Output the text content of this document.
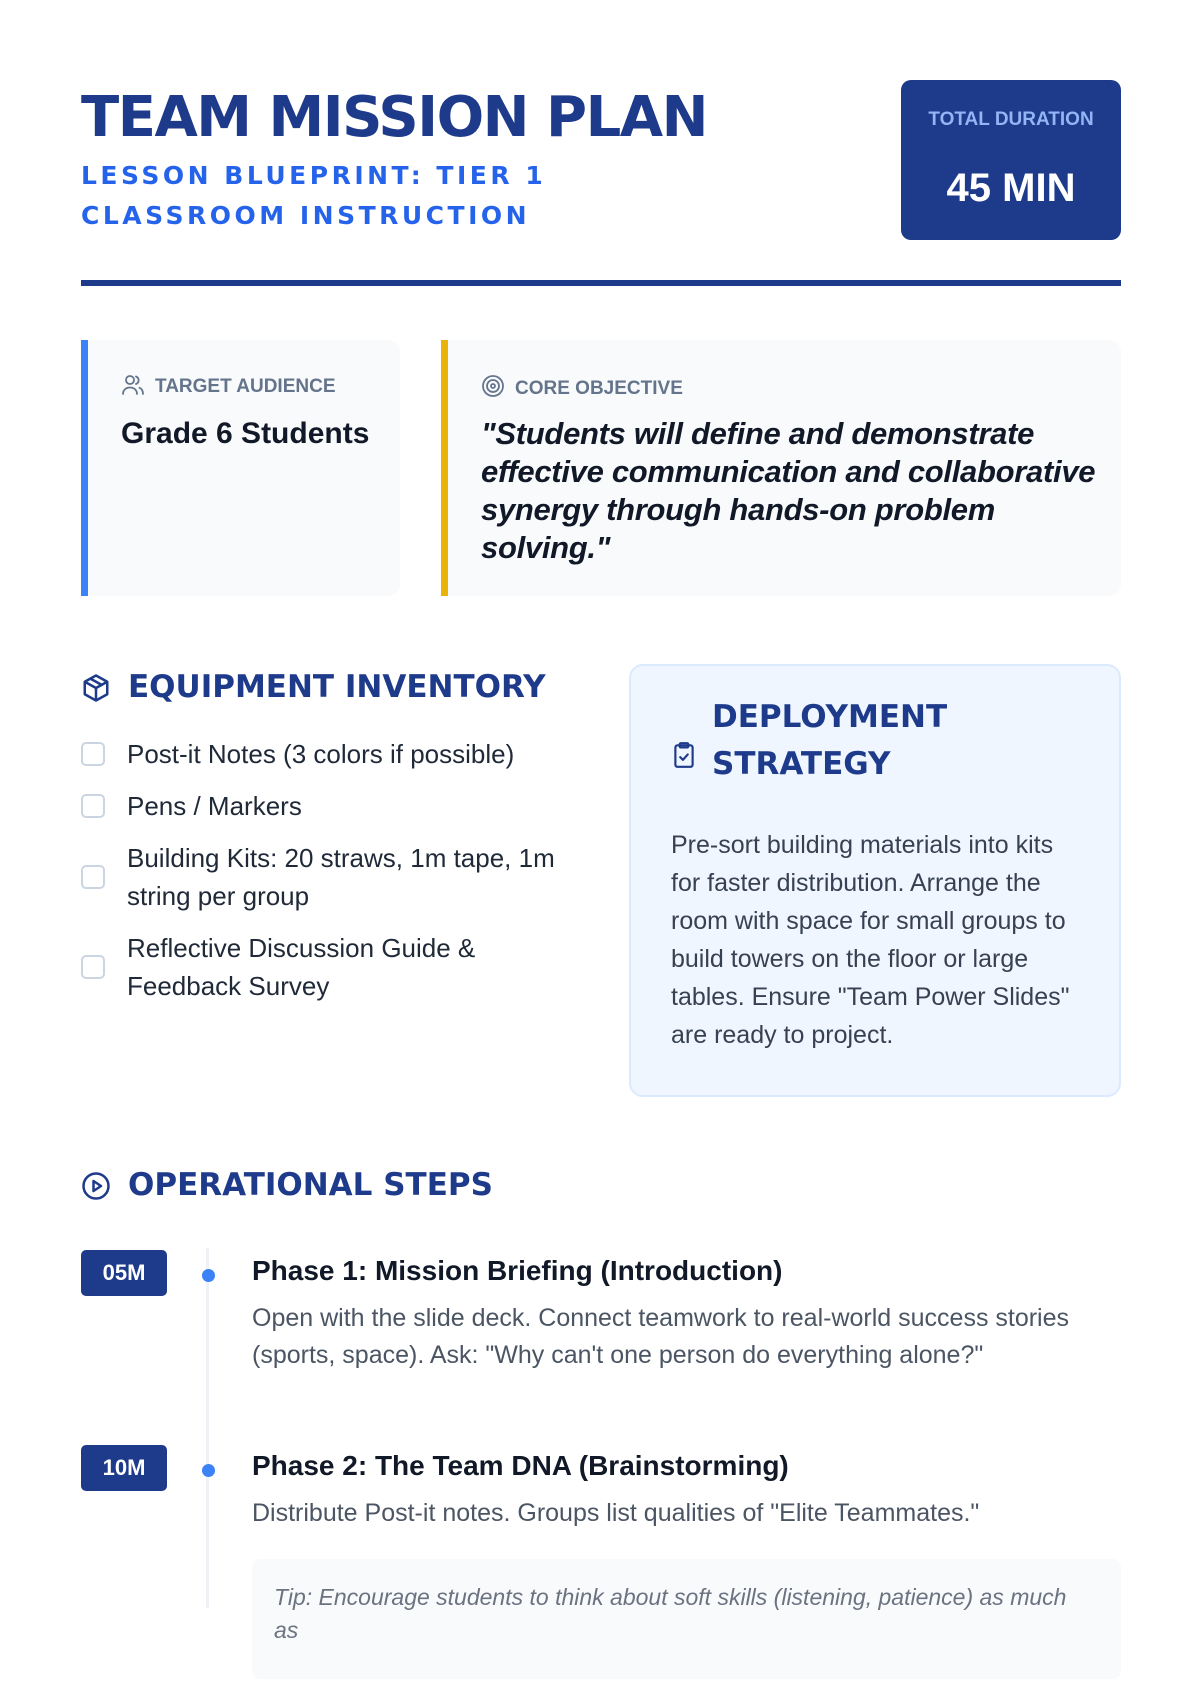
TEAM MISSION PLAN
LESSON BLUEPRINT: TIER 1 CLASSROOM INSTRUCTION
TOTAL DURATION
45 MIN
TARGET AUDIENCE
Grade 6 Students
CORE OBJECTIVE
"Students will define and demonstrate effective communication and collaborative synergy through hands-on problem solving."
EQUIPMENT INVENTORY
Post-it Notes (3 colors if possible)
Pens / Markers
Building Kits: 20 straws, 1m tape, 1m string per group
Reflective Discussion Guide & Feedback Survey
DEPLOYMENT STRATEGY
Pre-sort building materials into kits for faster distribution. Arrange the room with space for small groups to build towers on the floor or large tables. Ensure "Team Power Slides" are ready to project.
OPERATIONAL STEPS
05M	Phase 1: Mission Briefing (Introduction)
Open with the slide deck. Connect teamwork to real-world success stories (sports, space). Ask: "Why can't one person do everything alone?"
10M	Phase 2: The Team DNA (Brainstorming)
Distribute Post-it notes. Groups list qualities of "Elite Teammates."
Tip: Encourage students to think about soft skills (listening, patience) as much as
